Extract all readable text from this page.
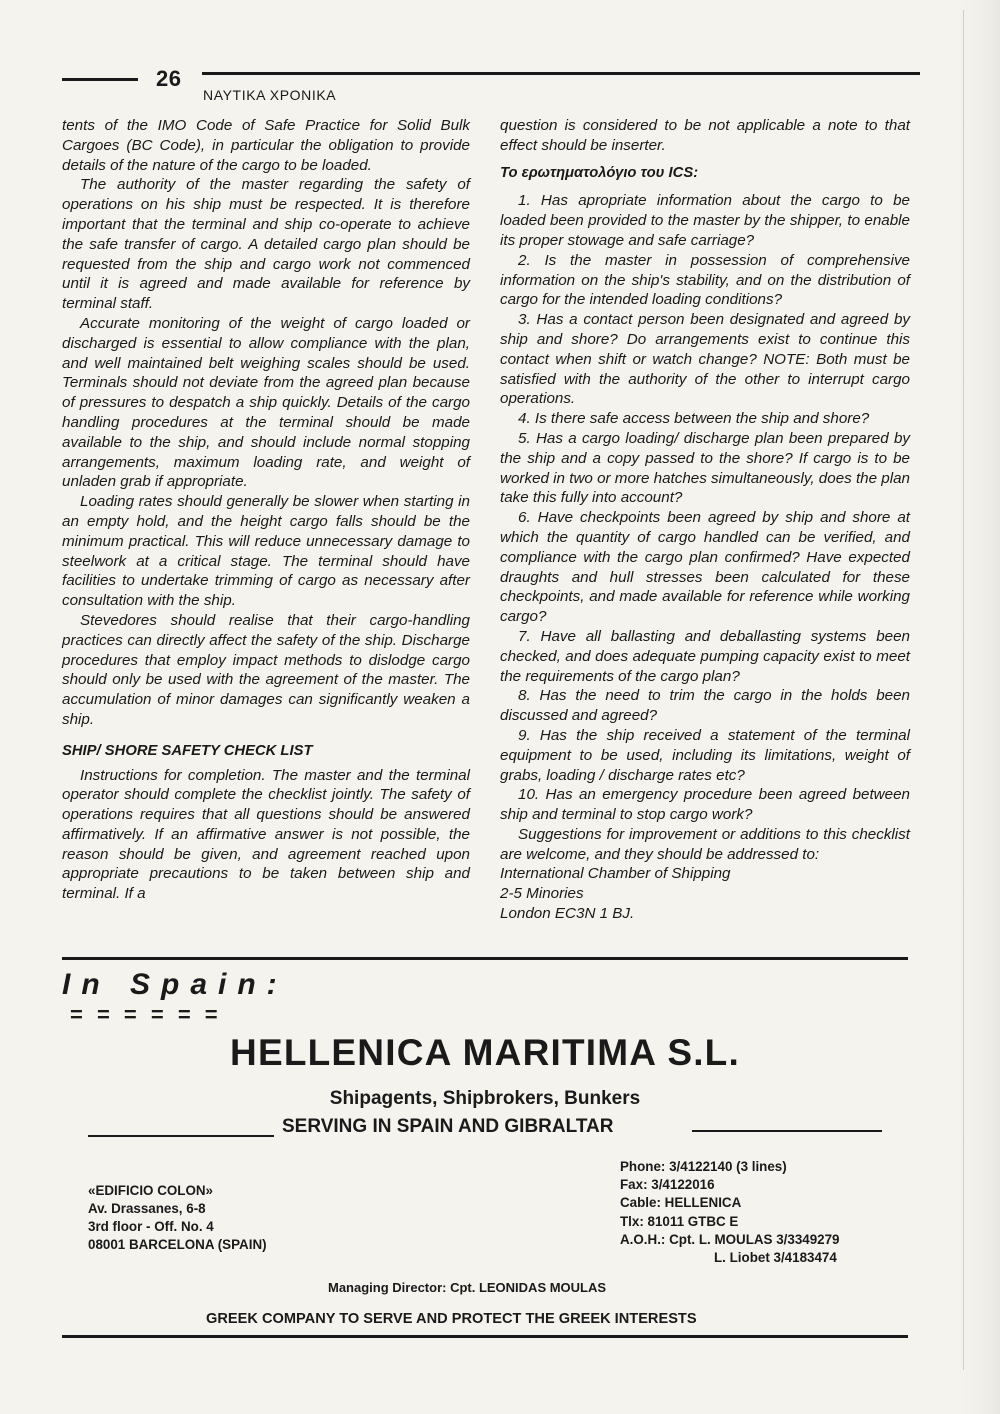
26
ΝΑΥΤΙΚΑ ΧΡΟΝΙΚΑ

tents of the IMO Code of Safe Practice for Solid Bulk Cargoes (BC Code), in particular the obligation to provide details of the nature of the cargo to be loaded.

The authority of the master regarding the safety of operations on his ship must be respected. It is therefore important that the terminal and ship co-operate to achieve the safe transfer of cargo. A detailed cargo plan should be requested from the ship and cargo work not commenced until it is agreed and made available for reference by terminal staff.

Accurate monitoring of the weight of cargo loaded or discharged is essential to allow compliance with the plan, and well maintained belt weighing scales should be used. Terminals should not deviate from the agreed plan because of pressures to despatch a ship quickly. Details of the cargo handling procedures at the terminal should be made available to the ship, and should include normal stopping arrangements, maximum loading rate, and weight of unladen grab if appropriate.

Loading rates should generally be slower when starting in an empty hold, and the height cargo falls should be the minimum practical. This will reduce unnecessary damage to steelwork at a critical stage. The terminal should have facilities to undertake trimming of cargo as necessary after consultation with the ship.

Stevedores should realise that their cargo-handling practices can directly affect the safety of the ship. Discharge procedures that employ impact methods to dislodge cargo should only be used with the agreement of the master. The accumulation of minor damages can significantly weaken a ship.

SHIP/ SHORE SAFETY CHECK LIST

Instructions for completion. The master and the terminal operator should complete the checklist jointly. The safety of operations requires that all questions should be answered affirmatively. If an affirmative answer is not possible, the reason should be given, and agreement reached upon appropriate precautions to be taken between ship and terminal. If a

question is considered to be not applicable a note to that effect should be inserter.

Το ερωτηματολόγιο του ICS:

1. Has apropriate information about the cargo to be loaded been provided to the master by the shipper, to enable its proper stowage and safe carriage?

2. Is the master in possession of comprehensive information on the ship's stability, and on the distribution of cargo for the intended loading conditions?

3. Has a contact person been designated and agreed by ship and shore? Do arrangements exist to continue this contact when shift or watch change? NOTE: Both must be satisfied with the authority of the other to interrupt cargo operations.

4. Is there safe access between the ship and shore?

5. Has a cargo loading/ discharge plan been prepared by the ship and a copy passed to the shore? If cargo is to be worked in two or more hatches simultaneously, does the plan take this fully into account?

6. Have checkpoints been agreed by ship and shore at which the quantity of cargo handled can be verified, and compliance with the cargo plan confirmed? Have expected draughts and hull stresses been calculated for these checkpoints, and made available for reference while working cargo?

7. Have all ballasting and deballasting systems been checked, and does adequate pumping capacity exist to meet the requirements of the cargo plan?

8. Has the need to trim the cargo in the holds been discussed and agreed?

9. Has the ship received a statement of the terminal equipment to be used, including its limitations, weight of grabs, loading / discharge rates etc?

10. Has an emergency procedure been agreed between ship and terminal to stop cargo work?

Suggestions for improvement or additions to this checklist are welcome, and they should be addressed to:

International Chamber of Shipping

2-5 Minories

London EC3N 1 BJ.

In Spain:
= = = = = =
HELLENICA MARITIMA S.L.
Shipagents, Shipbrokers, Bunkers
SERVING IN SPAIN AND GIBRALTAR
«EDIFICIO COLON»
Av. Drassanes, 6-8
3rd floor - Off. No. 4
08001 BARCELONA (SPAIN)
Phone: 3/4122140 (3 lines)
Fax: 3/4122016
Cable: HELLENICA
Tlx: 81011 GTBC E
A.O.H.: Cpt. L. MOULAS 3/3349279
L. Liobet 3/4183474
Managing Director: Cpt. LEONIDAS MOULAS
GREEK COMPANY TO SERVE AND PROTECT THE GREEK INTERESTS
